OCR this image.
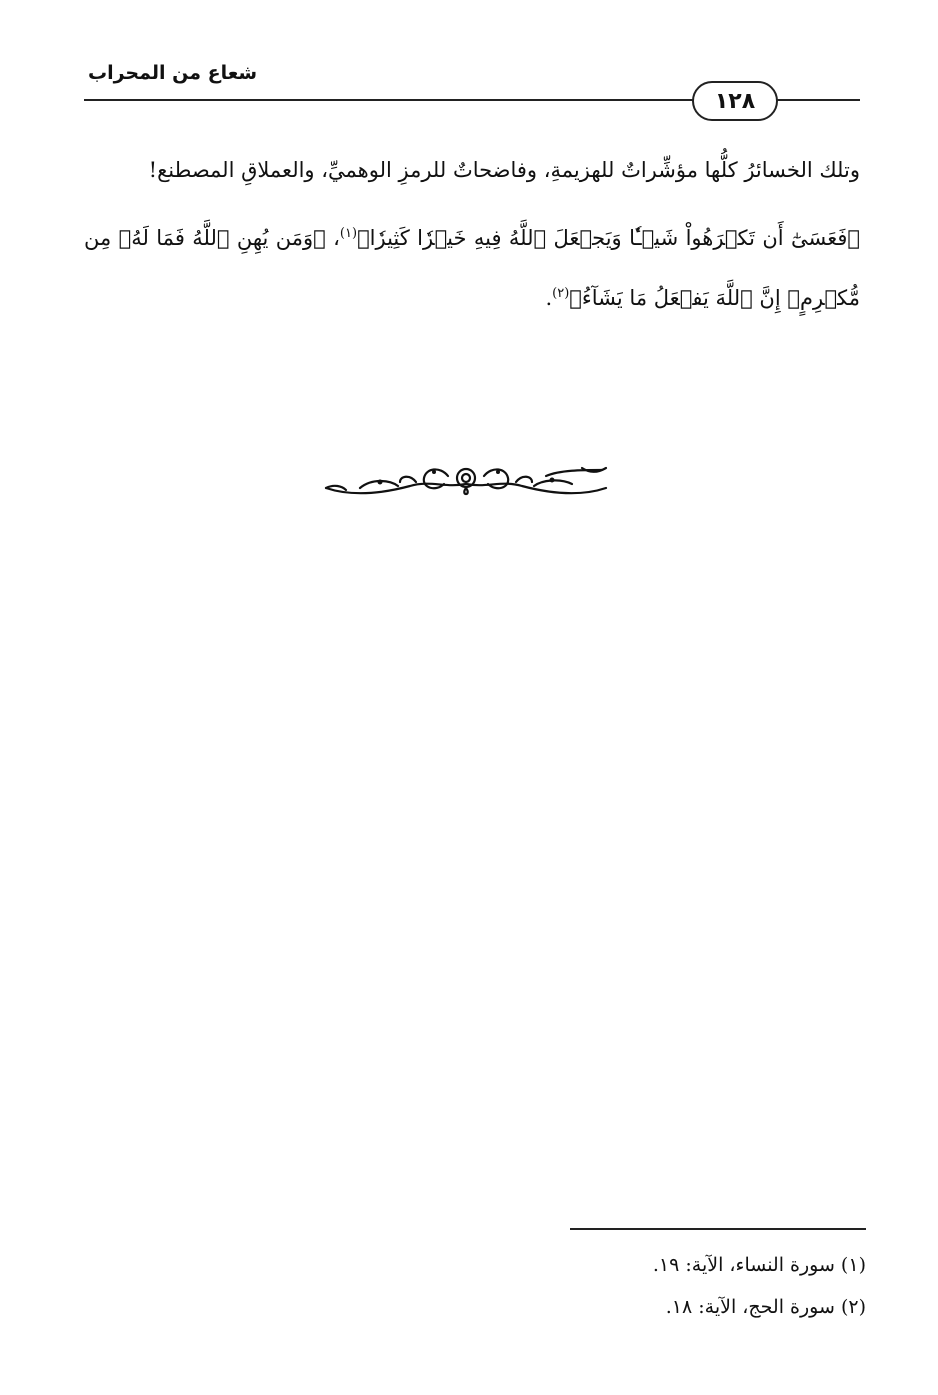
شعاع من المحراب
١٢٨

وتلك الخسائرُ كلُّها مؤشِّراتٌ للهزيمةِ، وفاضحاتٌ للرمزِ الوهميِّ، والعملاقِ المصطنع!

﴿فَعَسَىٰٓ أَن تَكۡرَهُواْ شَيۡـٔٗا وَيَجۡعَلَ ٱللَّهُ فِيهِ خَيۡرٗا كَثِيرٗا﴾$^{(١)}$، ﴿وَمَن يُهِنِ ٱللَّهُ فَمَا لَهُۥ مِن مُّكۡرِمٍۚ إِنَّ ٱللَّهَ يَفۡعَلُ مَا يَشَآءُ﴾$^{(٢)}$.

(١) سورة النساء، الآية: ١٩.
(٢) سورة الحج، الآية: ١٨.
